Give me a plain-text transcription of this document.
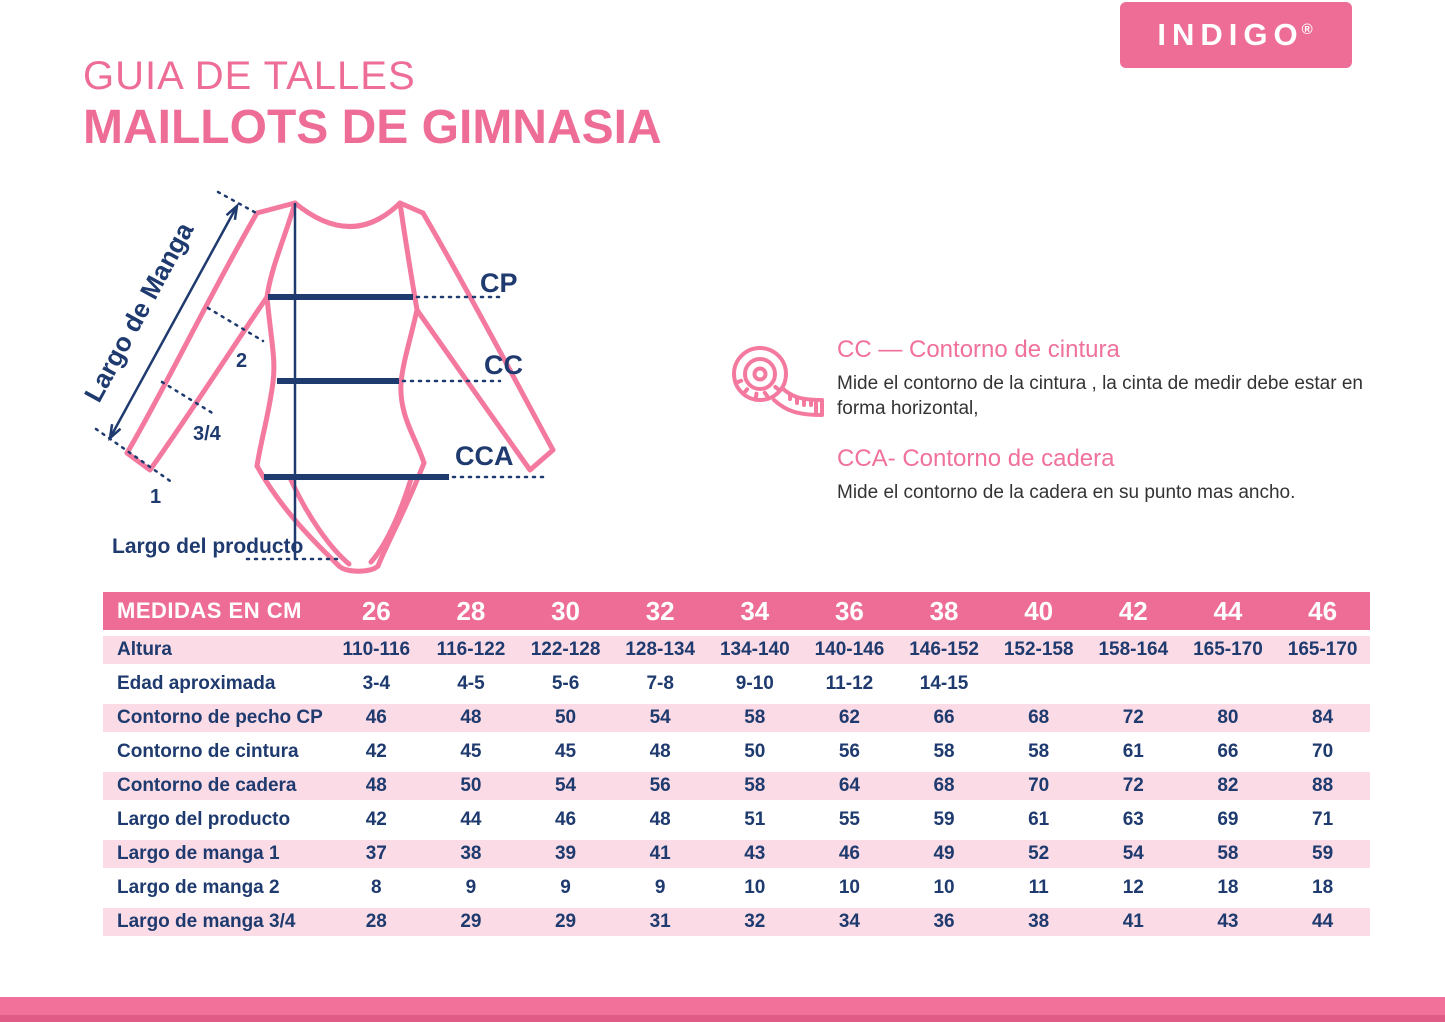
INDIGO
®
GUIA DE TALLES
MAILLOTS DE GIMNASIA
Largo de Manga 2
3/4
1
CP
CC
CCA
Largo del producto

CC — Contorno de cintura

Mide el contorno de la cintura , la cinta de medir debe estar en forma horizontal,

CCA- Contorno de cadera

Mide el contorno de la cadera en su punto mas ancho.

MEDIDAS EN CM	26	28	30	32	34	36	38	40	42	44	46
Altura	110-116	116-122	122-128	128-134	134-140	140-146	146-152	152-158	158-164	165-170	165-170
Edad aproximada	3-4	4-5	5-6	7-8	9-10	11-12	14-15				
Contorno de pecho CP	46	48	50	54	58	62	66	68	72	80	84
Contorno de cintura	42	45	45	48	50	56	58	58	61	66	70
Contorno de cadera	48	50	54	56	58	64	68	70	72	82	88
Largo del producto	42	44	46	48	51	55	59	61	63	69	71
Largo de manga 1	37	38	39	41	43	46	49	52	54	58	59
Largo de manga 2	8	9	9	9	10	10	10	11	12	18	18
Largo de manga 3/4	28	29	29	31	32	34	36	38	41	43	44
